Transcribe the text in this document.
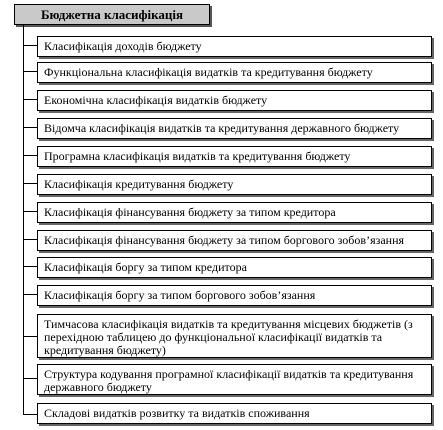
Бюджетна класифікація
Класифікація доходів бюджету
Функціональна класифікація видатків та кредитування бюджету
Економічна класифікація видатків бюджету
Відомча класифікація видатків та кредитування державного бюджету
Програмна класифікація видатків та кредитування бюджету
Класифікація кредитування бюджету
Класифікація фінансування бюджету за типом кредитора
Класифікація фінансування бюджету за типом боргового зобов’язання
Класифікація боргу за типом кредитора
Класифікація боргу за типом боргового зобов’язання
Тимчасова класифікація видатків та кредитування місцевих бюджетів (з перехідною таблицею до функціональної класифікації видатків та кредитування бюджету)
Структура кодування програмної класифікації видатків та кредитування державного бюджету
Складові видатків розвитку та видатків споживання
